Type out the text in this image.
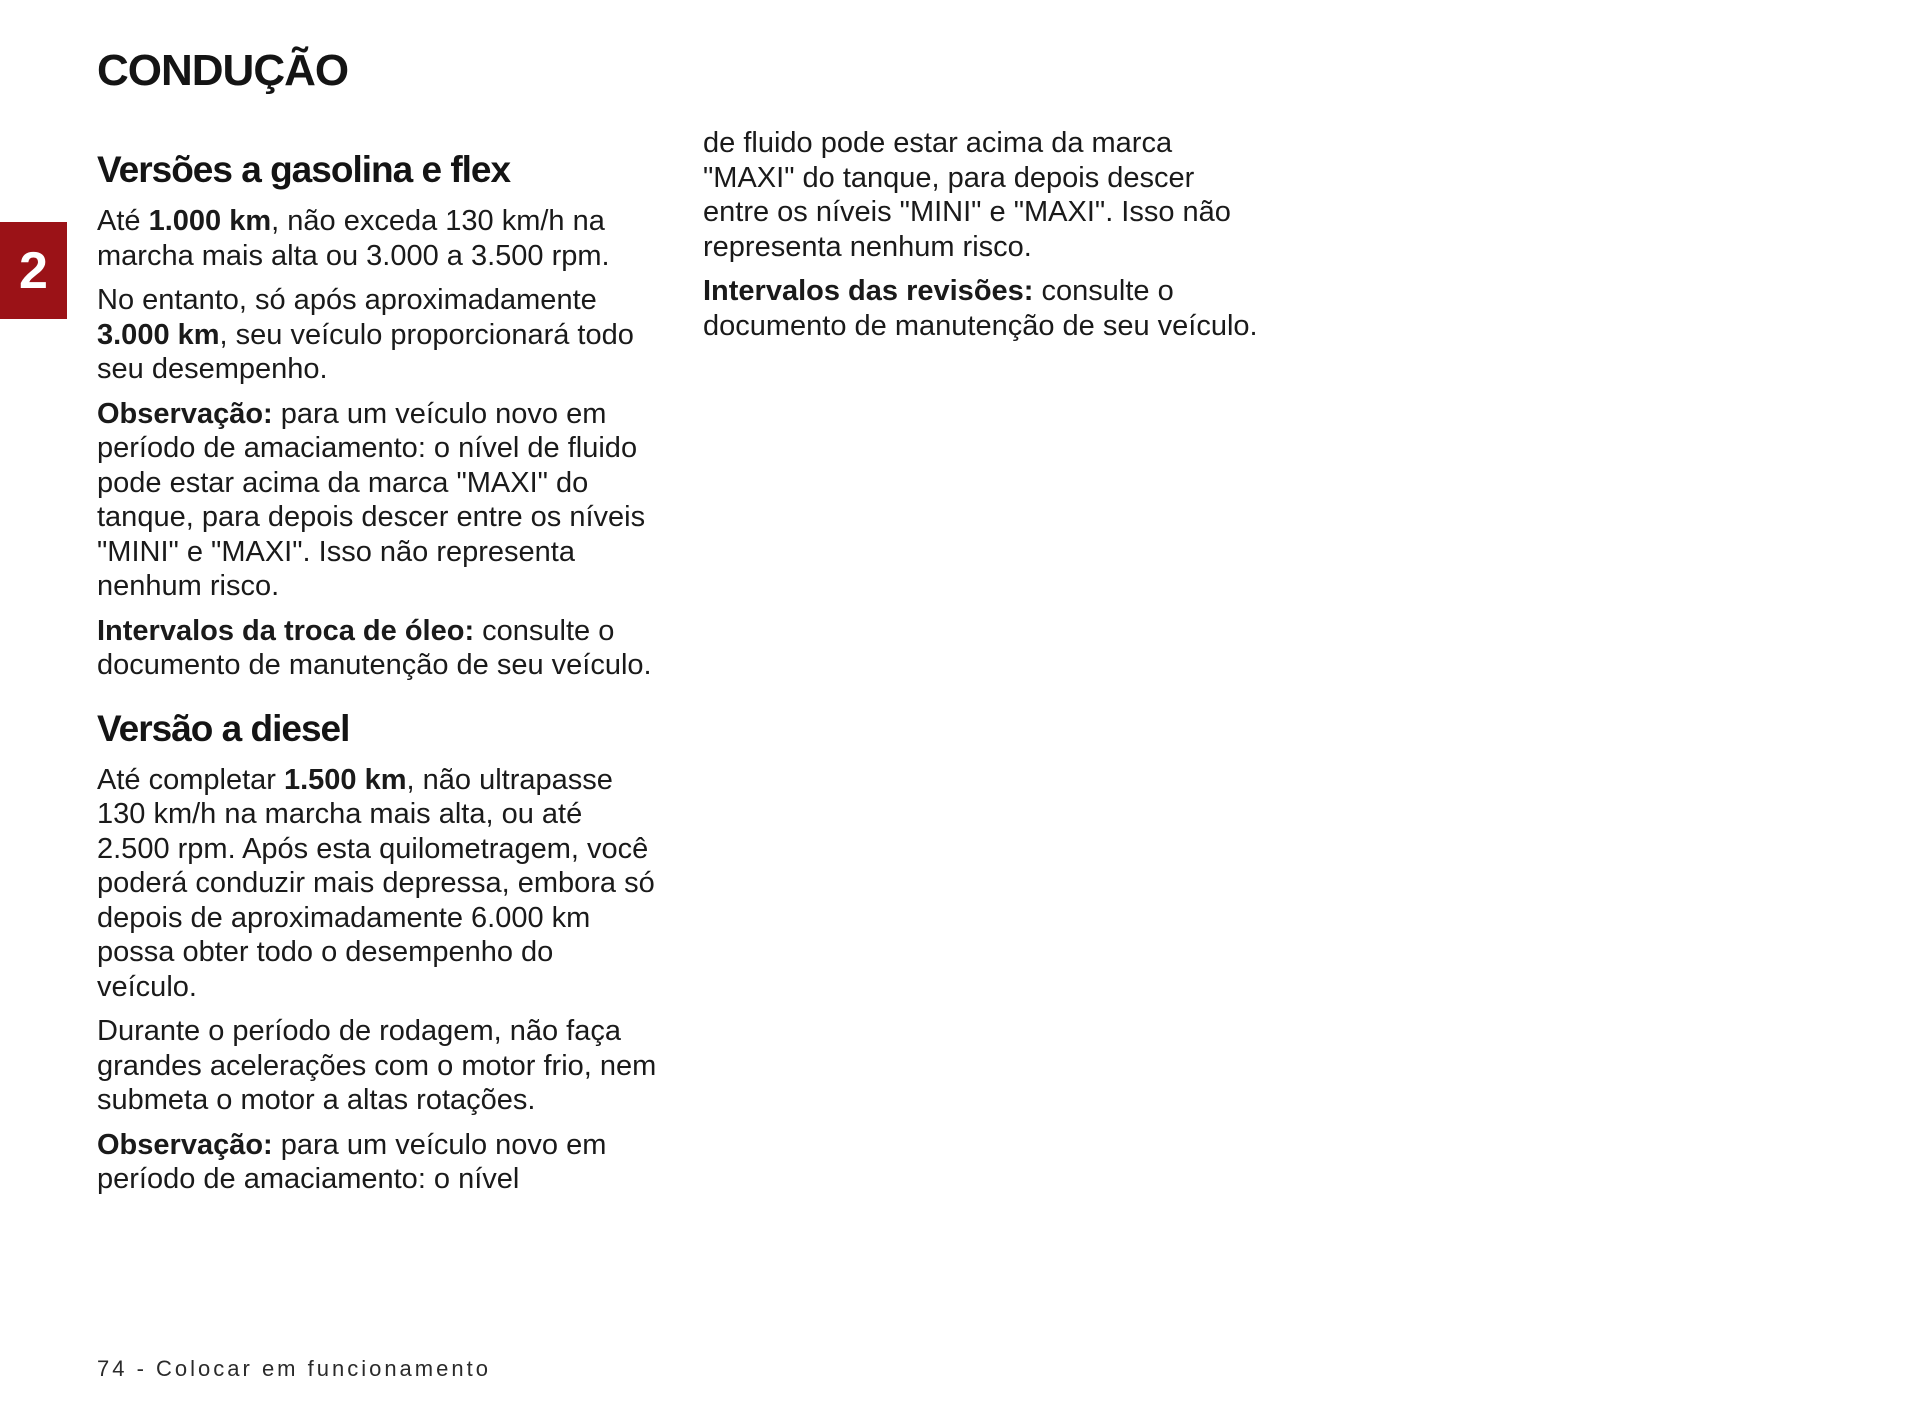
CONDUÇÃO
2
Versões a gasolina e flex

Até 1.000 km, não exceda 130 km/h na marcha mais alta ou 3.000 a 3.500 rpm.

No entanto, só após aproximadamente 3.000 km, seu veículo proporcionará todo seu desempenho.

Observação: para um veículo novo em período de amaciamento: o nível de fluido pode estar acima da marca "MAXI" do tanque, para depois descer entre os níveis "MINI" e "MAXI". Isso não representa nenhum risco.

Intervalos da troca de óleo: consulte o documento de manutenção de seu veículo.

Versão a diesel

Até completar 1.500 km, não ultrapasse 130 km/h na marcha mais alta, ou até 2.500 rpm. Após esta quilometragem, você poderá conduzir mais depressa, embora só depois de aproximadamente 6.000 km possa obter todo o desempenho do veículo.

Durante o período de rodagem, não faça grandes acelerações com o motor frio, nem submeta o motor a altas rotações.

Observação: para um veículo novo em período de amaciamento: o nível

de fluido pode estar acima da marca "MAXI" do tanque, para depois descer entre os níveis "MINI" e "MAXI". Isso não representa nenhum risco.

Intervalos das revisões: consulte o documento de manutenção de seu veículo.

74 - Colocar em funcionamento
